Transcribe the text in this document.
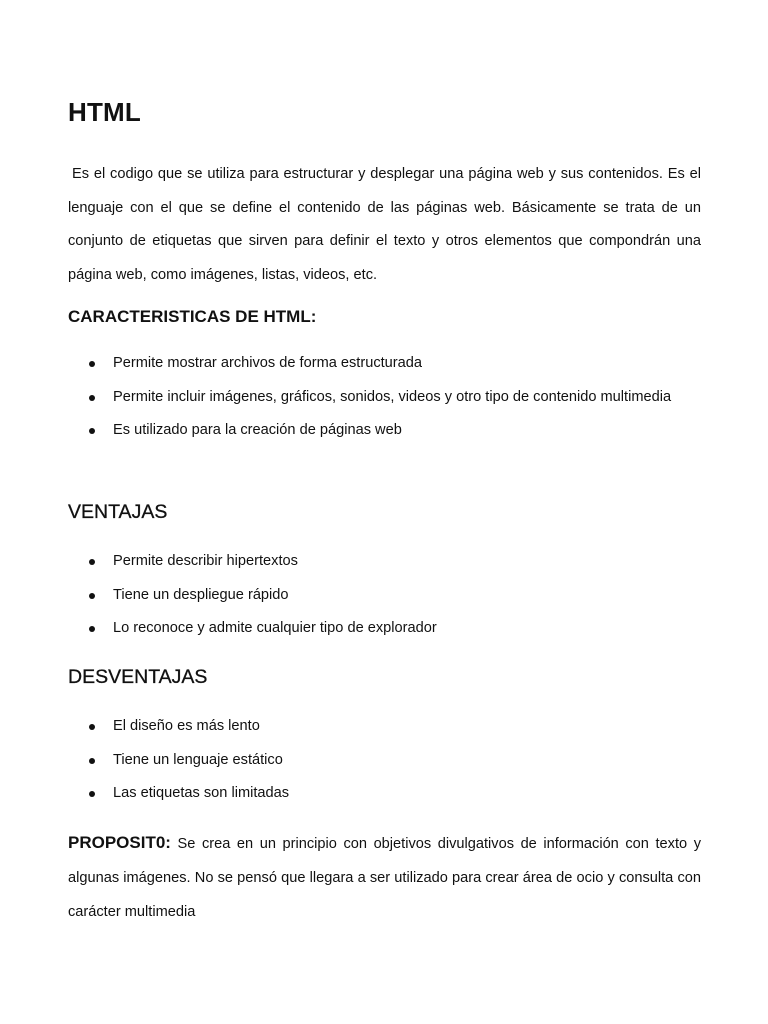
HTML

Es el codigo que se utiliza para estructurar y desplegar una página web y sus contenidos. Es el lenguaje con el que se define el contenido de las páginas web. Básicamente se trata de un conjunto de etiquetas que sirven para definir el texto y otros elementos que compondrán una página web, como imágenes, listas, videos, etc.

CARACTERISTICAS DE HTML:
Permite mostrar archivos de forma estructurada
Permite incluir imágenes, gráficos, sonidos, videos y otro tipo de contenido multimedia
Es utilizado para la creación de páginas web
VENTAJAS
Permite describir hipertextos
Tiene un despliegue rápido
Lo reconoce y admite cualquier tipo de explorador
DESVENTAJAS
El diseño es más lento
Tiene un lenguaje estático
Las etiquetas son limitadas

PROPOSIT0: Se crea en un principio con objetivos divulgativos de información con texto y algunas imágenes. No se pensó que llegara a ser utilizado para crear área de ocio y consulta con carácter multimedia
